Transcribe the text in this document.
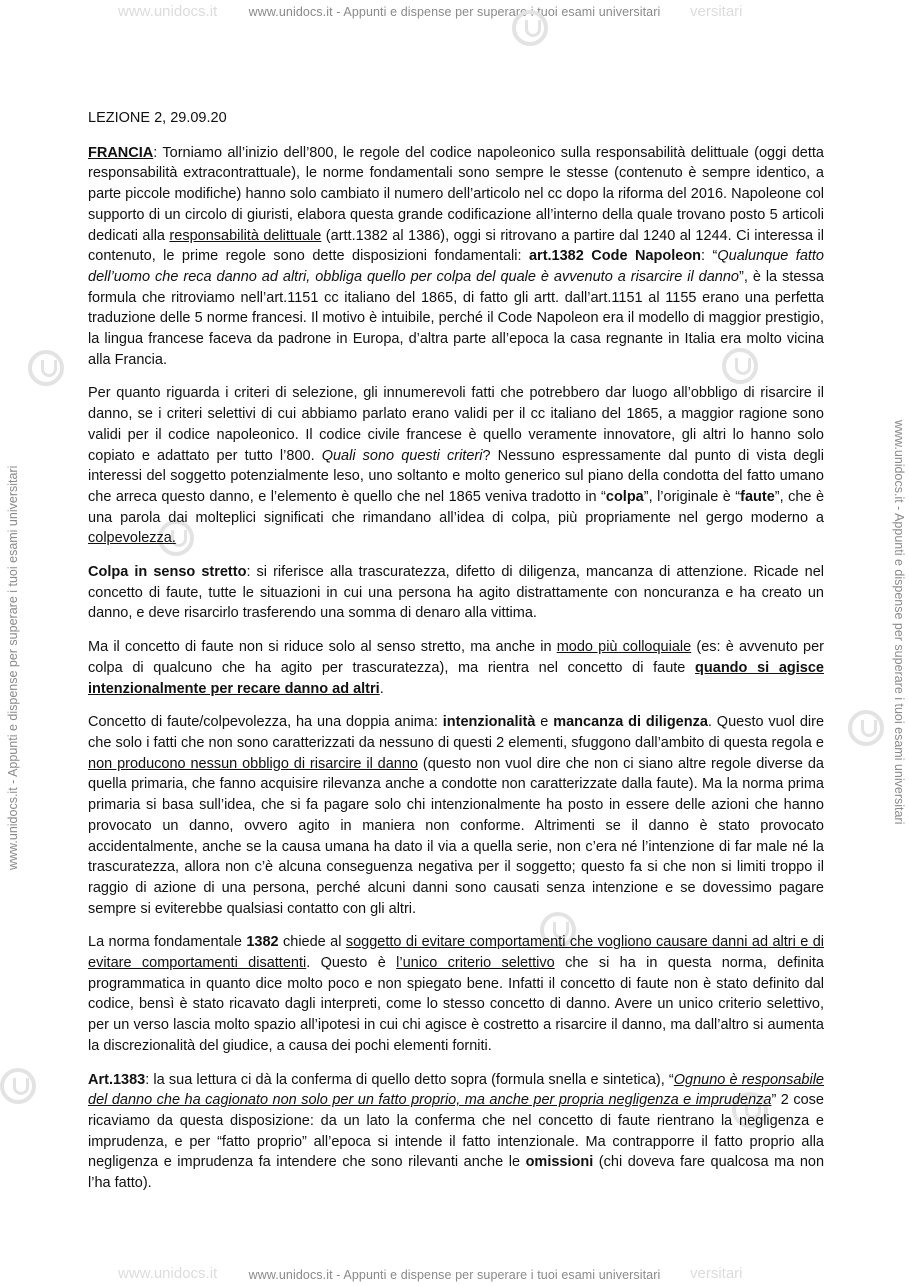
www.unidocs.it - Appunti e dispense per superare i tuoi esami universitari
www.unidocs.it - Appunti e dispense per superare i tuoi esami universitari
www.unidocs.it	versitari
www.unidocs.it	versitari
www.unidocs.it - Appunti e dispense per superare i tuoi esami universitari	www.unidocs.it - Appunti e dispense per superare i tuoi esami universitari

LEZIONE 2, 29.09.20

FRANCIA: Torniamo all’inizio dell’800, le regole del codice napoleonico sulla responsabilità delittuale (oggi detta responsabilità extracontrattuale), le norme fondamentali sono sempre le stesse (contenuto è sempre identico, a parte piccole modifiche) hanno solo cambiato il numero dell’articolo nel cc dopo la riforma del 2016. Napoleone col supporto di un circolo di giuristi, elabora questa grande codificazione all’interno della quale trovano posto 5 articoli dedicati alla responsabilità delittuale (artt.1382 al 1386), oggi si ritrovano a partire dal 1240 al 1244. Ci interessa il contenuto, le prime regole sono dette disposizioni fondamentali: art.1382 Code Napoleon: “Qualunque fatto dell’uomo che reca danno ad altri, obbliga quello per colpa del quale è avvenuto a risarcire il danno”, è la stessa formula che ritroviamo nell’art.1151 cc italiano del 1865, di fatto gli artt. dall’art.1151 al 1155 erano una perfetta traduzione delle 5 norme francesi. Il motivo è intuibile, perché il Code Napoleon era il modello di maggior prestigio, la lingua francese faceva da padrone in Europa, d’altra parte all’epoca la casa regnante in Italia era molto vicina alla Francia.

Per quanto riguarda i criteri di selezione, gli innumerevoli fatti che potrebbero dar luogo all’obbligo di risarcire il danno, se i criteri selettivi di cui abbiamo parlato erano validi per il cc italiano del 1865, a maggior ragione sono validi per il codice napoleonico. Il codice civile francese è quello veramente innovatore, gli altri lo hanno solo copiato e adattato per tutto l’800. Quali sono questi criteri? Nessuno espressamente dal punto di vista degli interessi del soggetto potenzialmente leso, uno soltanto e molto generico sul piano della condotta del fatto umano che arreca questo danno, e l’elemento è quello che nel 1865 veniva tradotto in “colpa”, l’originale è “faute”, che è una parola dai molteplici significati che rimandano all’idea di colpa, più propriamente nel gergo moderno a colpevolezza.

Colpa in senso stretto: si riferisce alla trascuratezza, difetto di diligenza, mancanza di attenzione. Ricade nel concetto di faute, tutte le situazioni in cui una persona ha agito distrattamente con noncuranza e ha creato un danno, e deve risarcirlo trasferendo una somma di denaro alla vittima.

Ma il concetto di faute non si riduce solo al senso stretto, ma anche in modo più colloquiale (es: è avvenuto per colpa di qualcuno che ha agito per trascuratezza), ma rientra nel concetto di faute quando si agisce intenzionalmente per recare danno ad altri.

Concetto di faute/colpevolezza, ha una doppia anima: intenzionalità e mancanza di diligenza. Questo vuol dire che solo i fatti che non sono caratterizzati da nessuno di questi 2 elementi, sfuggono dall’ambito di questa regola e non producono nessun obbligo di risarcire il danno (questo non vuol dire che non ci siano altre regole diverse da quella primaria, che fanno acquisire rilevanza anche a condotte non caratterizzate dalla faute). Ma la norma prima primaria si basa sull’idea, che si fa pagare solo chi intenzionalmente ha posto in essere delle azioni che hanno provocato un danno, ovvero agito in maniera non conforme. Altrimenti se il danno è stato provocato accidentalmente, anche se la causa umana ha dato il via a quella serie, non c’era né l’intenzione di far male né la trascuratezza, allora non c’è alcuna conseguenza negativa per il soggetto; questo fa si che non si limiti troppo il raggio di azione di una persona, perché alcuni danni sono causati senza intenzione e se dovessimo pagare sempre si eviterebbe qualsiasi contatto con gli altri.

La norma fondamentale 1382 chiede al soggetto di evitare comportamenti che vogliono causare danni ad altri e di evitare comportamenti disattenti. Questo è l’unico criterio selettivo che si ha in questa norma, definita programmatica in quanto dice molto poco e non spiegato bene. Infatti il concetto di faute non è stato definito dal codice, bensì è stato ricavato dagli interpreti, come lo stesso concetto di danno. Avere un unico criterio selettivo, per un verso lascia molto spazio all’ipotesi in cui chi agisce è costretto a risarcire il danno, ma dall’altro si aumenta la discrezionalità del giudice, a causa dei pochi elementi forniti.

Art.1383: la sua lettura ci dà la conferma di quello detto sopra (formula snella e sintetica), “Ognuno è responsabile del danno che ha cagionato non solo per un fatto proprio, ma anche per propria negligenza e imprudenza” 2 cose ricaviamo da questa disposizione: da un lato la conferma che nel concetto di faute rientrano la negligenza e imprudenza, e per “fatto proprio” all’epoca si intende il fatto intenzionale. Ma contrapporre il fatto proprio alla negligenza e imprudenza fa intendere che sono rilevanti anche le omissioni (chi doveva fare qualcosa ma non l’ha fatto).
